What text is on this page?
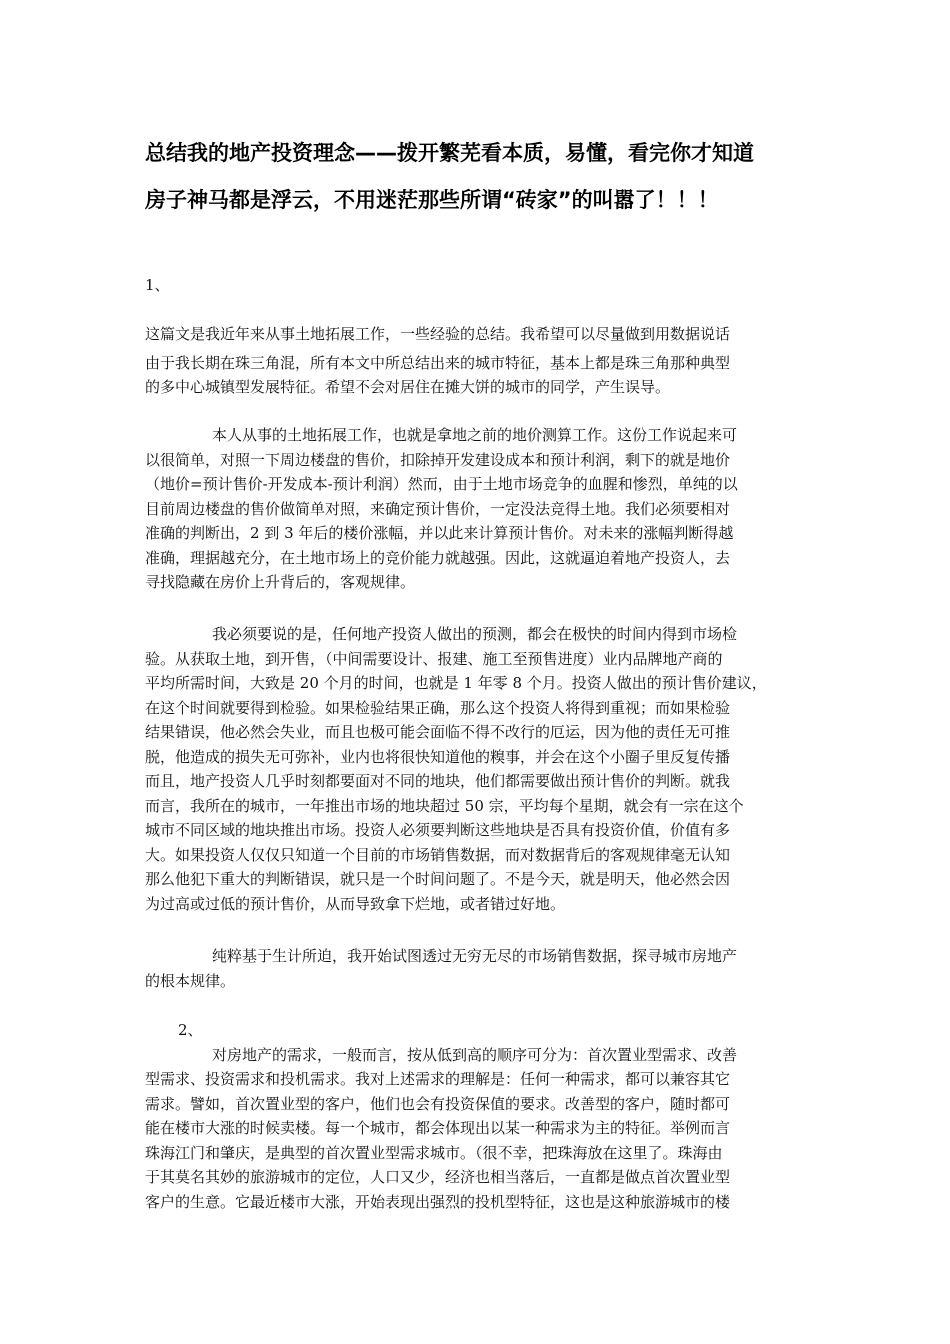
总结我的地产投资理念——拨开繁芜看本质，易懂，看完你才知道
房子神马都是浮云，不用迷茫那些所谓“砖家”的叫嚣了！！！
1、
这篇文是我近年来从事土地拓展工作，一些经验的总结。我希望可以尽量做到用数据说话
由于我长期在珠三角混，所有本文中所总结出来的城市特征，基本上都是珠三角那种典型
的多中心城镇型发展特征。希望不会对居住在摊大饼的城市的同学，产生误导。
本人从事的土地拓展工作，也就是拿地之前的地价测算工作。这份工作说起来可
以很简单，对照一下周边楼盘的售价，扣除掉开发建设成本和预计利润，剩下的就是地价
（地价=预计售价-开发成本-预计利润）然而，由于土地市场竞争的血腥和惨烈，单纯的以
目前周边楼盘的售价做简单对照，来确定预计售价，一定没法竞得土地。我们必须要相对
准确的判断出，2 到 3 年后的楼价涨幅，并以此来计算预计售价。对未来的涨幅判断得越
准确，理据越充分，在土地市场上的竞价能力就越强。因此，这就逼迫着地产投资人，去
寻找隐藏在房价上升背后的，客观规律。
我必须要说的是，任何地产投资人做出的预测，都会在极快的时间内得到市场检
验。从获取土地，到开售，（中间需要设计、报建、施工至预售进度）业内品牌地产商的
平均所需时间，大致是 20 个月的时间，也就是 1 年零 8 个月。投资人做出的预计售价建议，
在这个时间就要得到检验。如果检验结果正确，那么这个投资人将得到重视；而如果检验
结果错误，他必然会失业，而且也极可能会面临不得不改行的厄运，因为他的责任无可推
脱，他造成的损失无可弥补，业内也将很快知道他的糗事，并会在这个小圈子里反复传播
而且，地产投资人几乎时刻都要面对不同的地块，他们都需要做出预计售价的判断。就我
而言，我所在的城市，一年推出市场的地块超过 50 宗，平均每个星期，就会有一宗在这个
城市不同区域的地块推出市场。投资人必须要判断这些地块是否具有投资价值，价值有多
大。如果投资人仅仅只知道一个目前的市场销售数据，而对数据背后的客观规律毫无认知
那么他犯下重大的判断错误，就只是一个时间问题了。不是今天，就是明天，他必然会因
为过高或过低的预计售价，从而导致拿下烂地，或者错过好地。
纯粹基于生计所迫，我开始试图透过无穷无尽的市场销售数据，探寻城市房地产
的根本规律。
2、
对房地产的需求，一般而言，按从低到高的顺序可分为：首次置业型需求、改善
型需求、投资需求和投机需求。我对上述需求的理解是：任何一种需求，都可以兼容其它
需求。譬如，首次置业型的客户，他们也会有投资保值的要求。改善型的客户，随时都可
能在楼市大涨的时候卖楼。每一个城市，都会体现出以某一种需求为主的特征。举例而言
珠海江门和肇庆，是典型的首次置业型需求城市。（很不幸，把珠海放在这里了。珠海由
于其莫名其妙的旅游城市的定位，人口又少，经济也相当落后，一直都是做点首次置业型
客户的生意。它最近楼市大涨，开始表现出强烈的投机型特征，这也是这种旅游城市的楼
